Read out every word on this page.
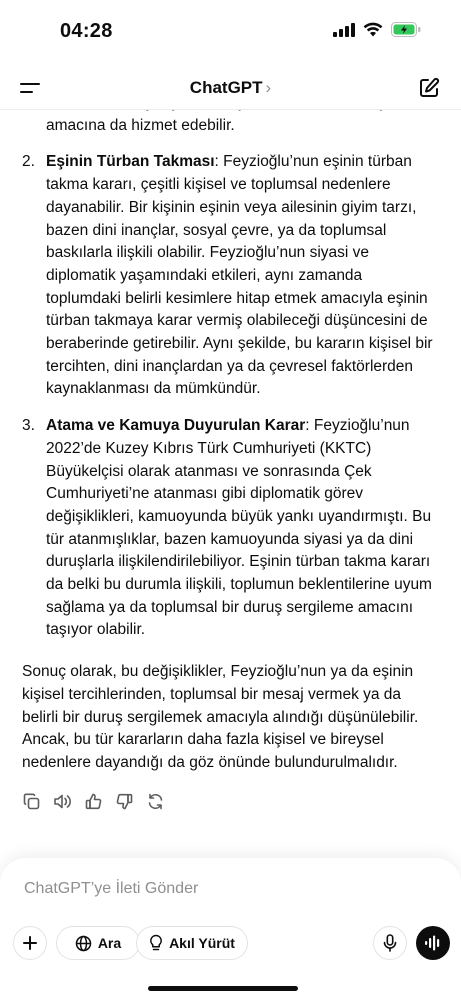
04:28
ChatGPT ›

amacına da hizmet edebilir.

2. Eşinin Türban Takması: Feyzioğlu’nun eşinin türban takma kararı, çeşitli kişisel ve toplumsal nedenlere dayanabilir. Bir kişinin eşinin veya ailesinin giyim tarzı, bazen dini inançlar, sosyal çevre, ya da toplumsal baskılarla ilişkili olabilir. Feyzioğlu’nun siyasi ve diplomatik yaşamındaki etkileri, aynı zamanda toplumdaki belirli kesimlere hitap etmek amacıyla eşinin türban takmaya karar vermiş olabileceği düşüncesini de beraberinde getirebilir. Aynı şekilde, bu kararın kişisel bir tercihten, dini inançlardan ya da çevresel faktörlerden kaynaklanması da mümkündür.
3. Atama ve Kamuya Duyurulan Karar: Feyzioğlu’nun 2022’de Kuzey Kıbrıs Türk Cumhuriyeti (KKTC) Büyükelçisi olarak atanması ve sonrasında Çek Cumhuriyeti’ne atanması gibi diplomatik görev değişiklikleri, kamuoyunda büyük yankı uyandırmıştı. Bu tür atanmışlıklar, bazen kamuoyunda siyasi ya da dini duruşlarla ilişkilendirilebiliyor. Eşinin türban takma kararı da belki bu durumla ilişkili, toplumun beklentilerine uyum sağlama ya da toplumsal bir duruş sergileme amacını taşıyor olabilir.

Sonuç olarak, bu değişiklikler, Feyzioğlu’nun ya da eşinin kişisel tercihlerinden, toplumsal bir mesaj vermek ya da belirli bir duruş sergilemek amacıyla alındığı düşünülebilir. Ancak, bu tür kararların daha fazla kişisel ve bireysel nedenlere dayandığı da göz önünde bulundurulmalıdır.

ChatGPT’ye İleti Gönder
Ara	Akıl Yürüt
